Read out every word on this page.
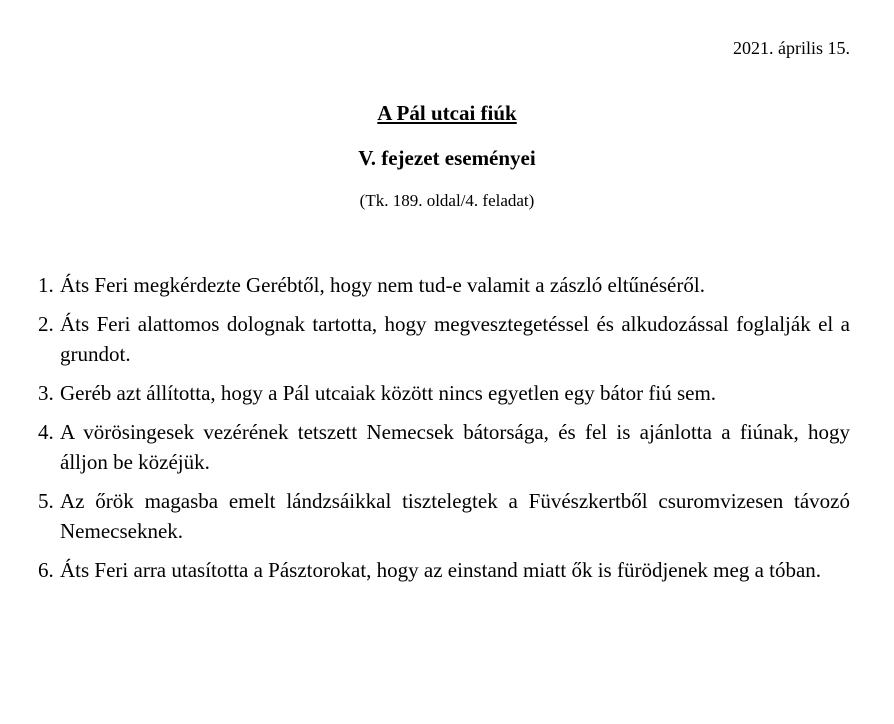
2021. április 15.
A Pál utcai fiúk
V. fejezet eseményei
(Tk. 189. oldal/4. feladat)
1. Áts Feri megkérdezte Gerébtől, hogy nem tud-e valamit a zászló eltűnéséről.
2. Áts Feri alattomos dolognak tartotta, hogy megvesztegetéssel és alkudozással foglalják el a grundot.
3. Geréb azt állította, hogy a Pál utcaiak között nincs egyetlen egy bátor fiú sem.
4. A vörösingesek vezérének tetszett Nemecsek bátorsága, és fel is ajánlotta a fiúnak, hogy álljon be közéjük.
5. Az őrök magasba emelt lándzsáikkal tisztelegtek a Füvészkertből csuromvizesen távozó Nemecseknek.
6. Áts Feri arra utasította a Pásztorokat, hogy az einstand miatt ők is fürödjenek meg a tóban.
